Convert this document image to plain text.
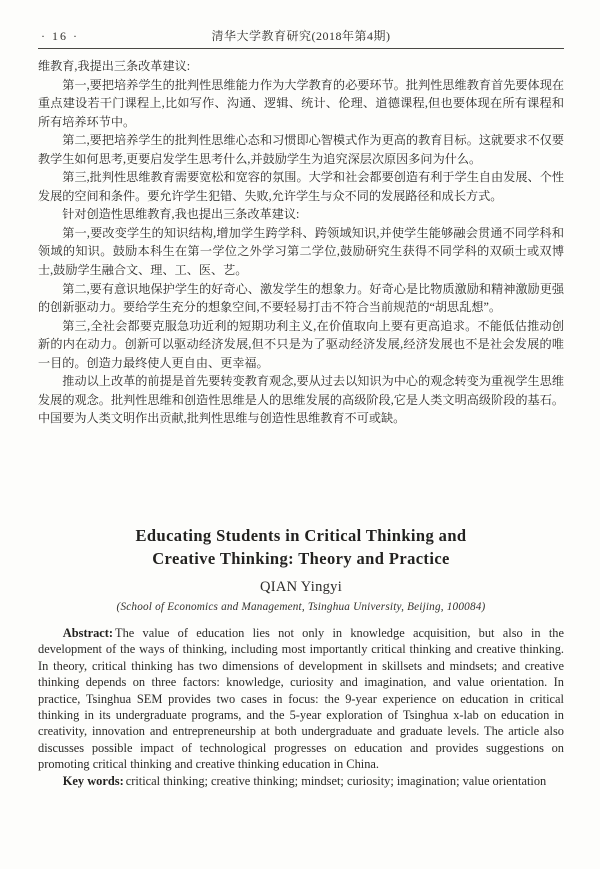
· 16 ·	清华大学教育研究(2018年第4期)

维教育,我提出三条改革建议:

第一,要把培养学生的批判性思维能力作为大学教育的必要环节。批判性思维教育首先要体现在重点建设若干门课程上,比如写作、沟通、逻辑、统计、伦理、道德课程,但也要体现在所有课程和所有培养环节中。

第二,要把培养学生的批判性思维心态和习惯即心智模式作为更高的教育目标。这就要求不仅要教学生如何思考,更要启发学生思考什么,并鼓励学生为追究深层次原因多问为什么。

第三,批判性思维教育需要宽松和宽容的氛围。大学和社会都要创造有利于学生自由发展、个性发展的空间和条件。要允许学生犯错、失败,允许学生与众不同的发展路径和成长方式。

针对创造性思维教育,我也提出三条改革建议:

第一,要改变学生的知识结构,增加学生跨学科、跨领域知识,并使学生能够融会贯通不同学科和领域的知识。鼓励本科生在第一学位之外学习第二学位,鼓励研究生获得不同学科的双硕士或双博士,鼓励学生融合文、理、工、医、艺。

第二,要有意识地保护学生的好奇心、激发学生的想象力。好奇心是比物质激励和精神激励更强的创新驱动力。要给学生充分的想象空间,不要轻易打击不符合当前规范的“胡思乱想”。

第三,全社会都要克服急功近利的短期功利主义,在价值取向上要有更高追求。不能低估推动创新的内在动力。创新可以驱动经济发展,但不只是为了驱动经济发展,经济发展也不是社会发展的唯一目的。创造力最终使人更自由、更幸福。

推动以上改革的前提是首先要转变教育观念,要从过去以知识为中心的观念转变为重视学生思维发展的观念。批判性思维和创造性思维是人的思维发展的高级阶段,它是人类文明高级阶段的基石。中国要为人类文明作出贡献,批判性思维与创造性思维教育不可或缺。

Educating Students in Critical Thinking and
Creative Thinking: Theory and Practice
QIAN Yingyi
(School of Economics and Management, Tsinghua University, Beijing, 100084)

Abstract: The value of education lies not only in knowledge acquisition, but also in the development of the ways of thinking, including most importantly critical thinking and creative thinking. In theory, critical thinking has two dimensions of development in skillsets and mindsets; and creative thinking depends on three factors: knowledge, curiosity and imagination, and value orientation. In practice, Tsinghua SEM provides two cases in focus: the 9-year experience on education in critical thinking in its undergraduate programs, and the 5-year exploration of Tsinghua x-lab on education in creativity, innovation and entrepreneurship at both undergraduate and graduate levels. The article also discusses possible impact of technological progresses on education and provides suggestions on promoting critical thinking and creative thinking education in China.

Key words: critical thinking; creative thinking; mindset; curiosity; imagination; value orientation
